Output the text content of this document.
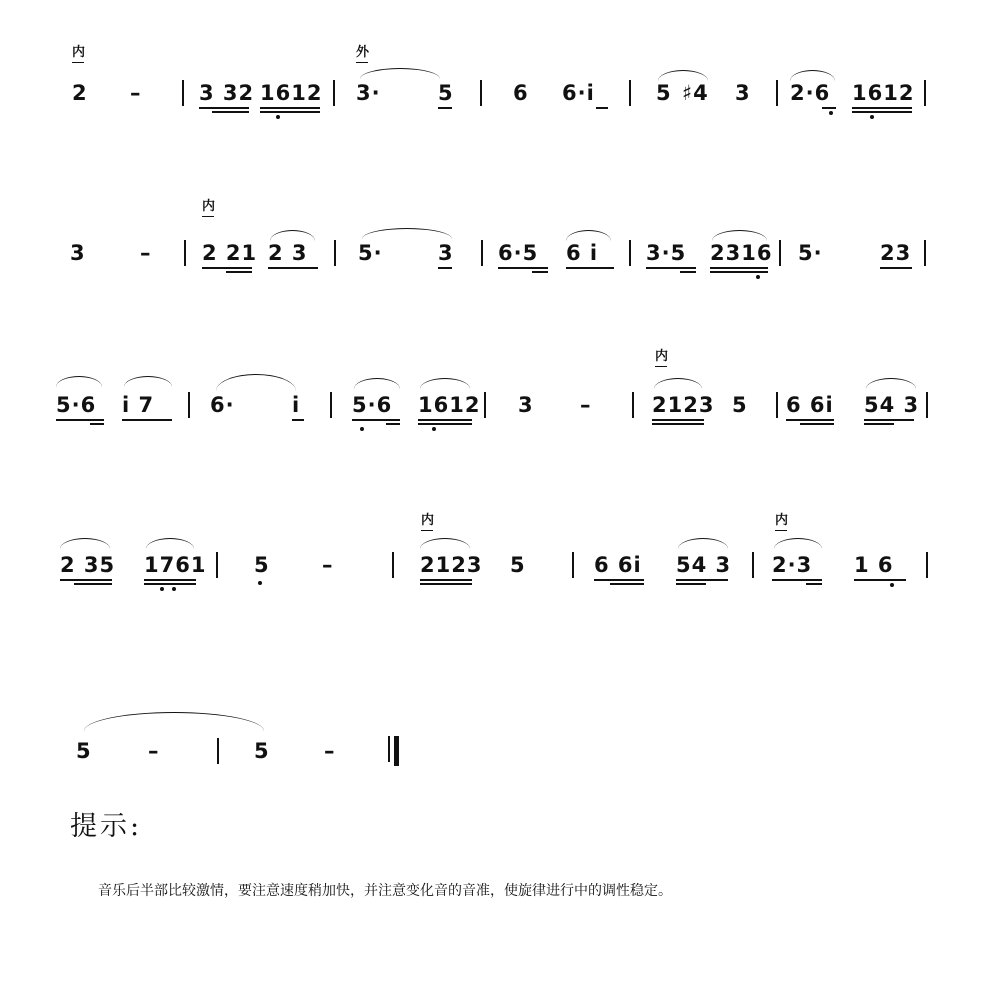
内	外
2 –	3 32 1612 3·	5	6 6·i	5 ♯4 3 2·6 1612
内
3	– 2 21 2 3 5·	3 6·5 6 i 3·5 2316 5·	23
内
5·6 i 7	6·	i 5·6 1612 3 –	2123 5 6 6i 54 3
内	内
2 35 1761 5 –	2123 5	6 6i 54 3 2·3 1 6
5	–	5	–
提示:
音乐后半部比较激情，要注意速度稍加快，并注意变化音的音准，使旋律进行中的调性稳定。
